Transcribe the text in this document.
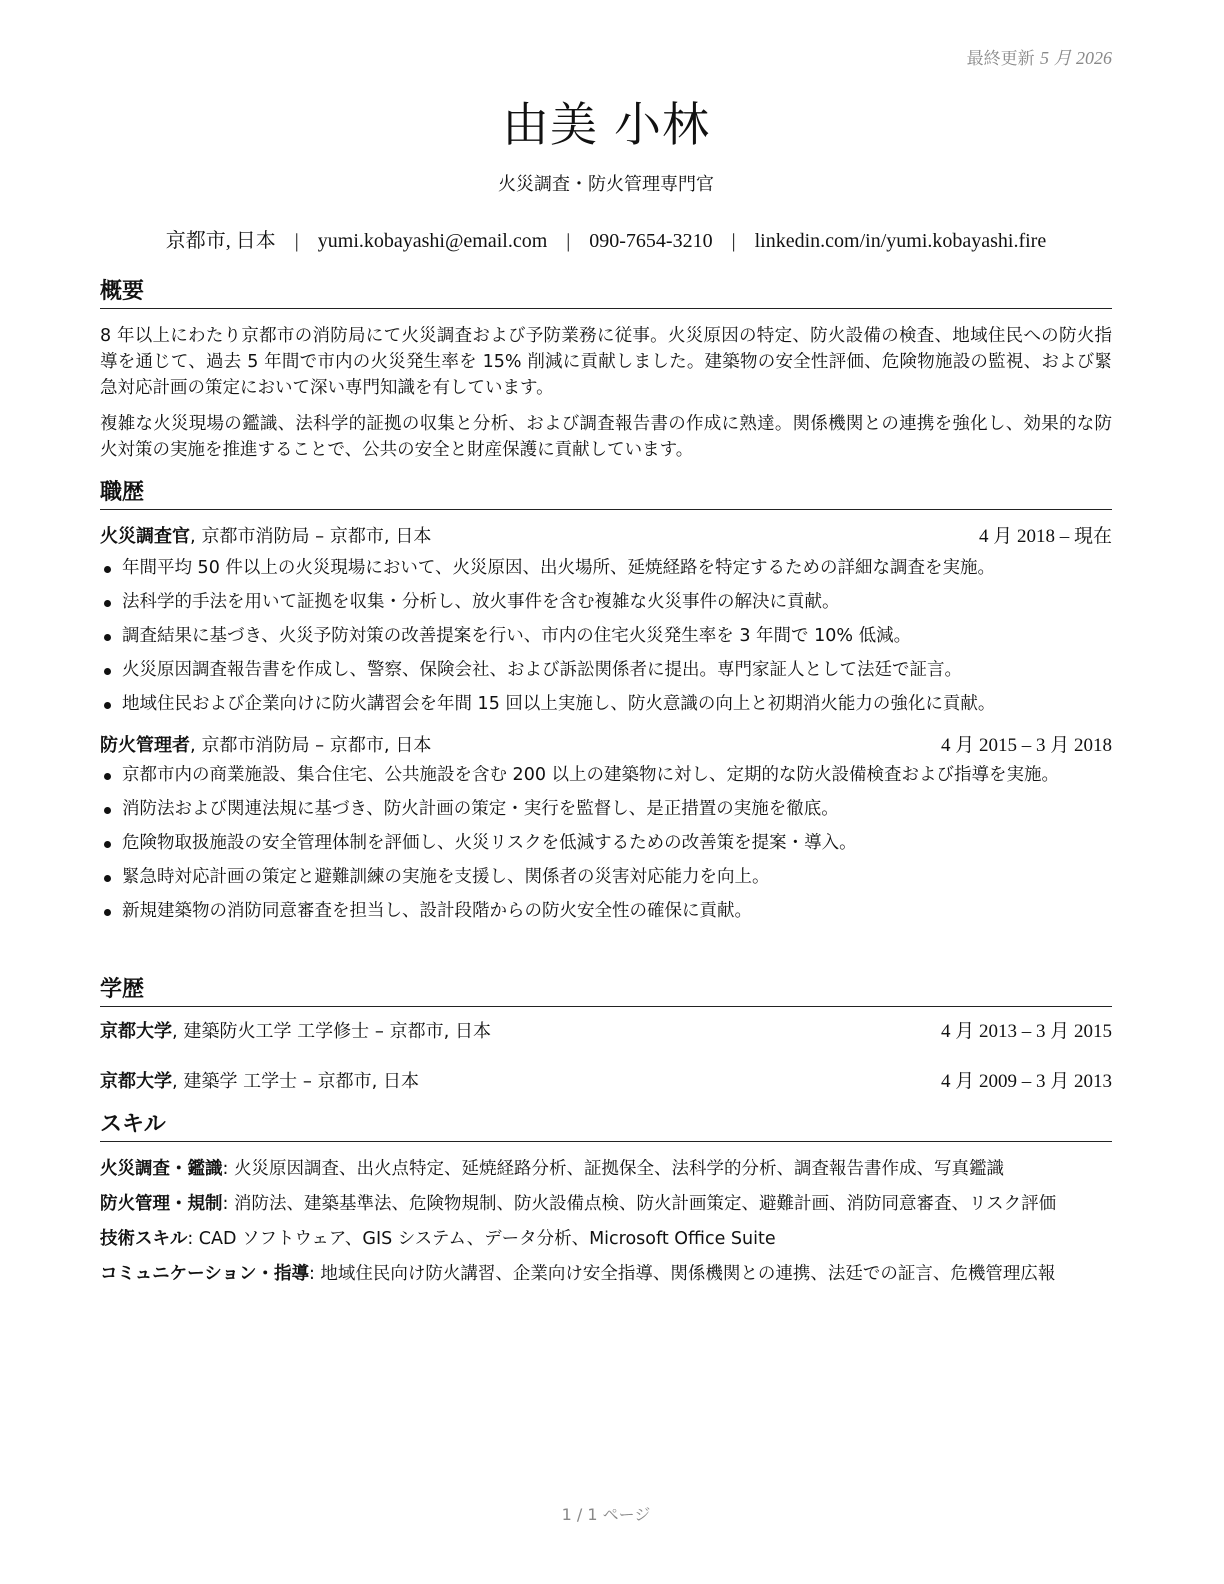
最終更新 5 月 2026
由美 小林
火災調査・防火管理専門官
京都市, 日本 | yumi.kobayashi@email.com | 090-7654-3210 | linkedin.com/in/yumi.kobayashi.fire
概要

8 年以上にわたり京都市の消防局にて火災調査および予防業務に従事。火災原因の特定、防火設備の検査、地域住民への防火指導を通じて、過去 5 年間で市内の火災発生率を 15% 削減に貢献しました。建築物の安全性評価、危険物施設の監視、および緊急対応計画の策定において深い専門知識を有しています。

複雑な火災現場の鑑識、法科学的証拠の収集と分析、および調査報告書の作成に熟達。関係機関との連携を強化し、効果的な防火対策の実施を推進することで、公共の安全と財産保護に貢献しています。

職歴
火災調査官, 京都市消防局 – 京都市, 日本	4 月 2018 – 現在
年間平均 50 件以上の火災現場において、火災原因、出火場所、延焼経路を特定するための詳細な調査を実施。
法科学的手法を用いて証拠を収集・分析し、放火事件を含む複雑な火災事件の解決に貢献。
調査結果に基づき、火災予防対策の改善提案を行い、市内の住宅火災発生率を 3 年間で 10% 低減。
火災原因調査報告書を作成し、警察、保険会社、および訴訟関係者に提出。専門家証人として法廷で証言。
地域住民および企業向けに防火講習会を年間 15 回以上実施し、防火意識の向上と初期消火能力の強化に貢献。
防火管理者, 京都市消防局 – 京都市, 日本	4 月 2015 – 3 月 2018
京都市内の商業施設、集合住宅、公共施設を含む 200 以上の建築物に対し、定期的な防火設備検査および指導を実施。
消防法および関連法規に基づき、防火計画の策定・実行を監督し、是正措置の実施を徹底。
危険物取扱施設の安全管理体制を評価し、火災リスクを低減するための改善策を提案・導入。
緊急時対応計画の策定と避難訓練の実施を支援し、関係者の災害対応能力を向上。
新規建築物の消防同意審査を担当し、設計段階からの防火安全性の確保に貢献。
学歴
京都大学, 建築防火工学 工学修士 – 京都市, 日本	4 月 2013 – 3 月 2015
京都大学, 建築学 工学士 – 京都市, 日本	4 月 2009 – 3 月 2013
スキル
火災調査・鑑識: 火災原因調査、出火点特定、延焼経路分析、証拠保全、法科学的分析、調査報告書作成、写真鑑識
防火管理・規制: 消防法、建築基準法、危険物規制、防火設備点検、防火計画策定、避難計画、消防同意審査、リスク評価
技術スキル: CAD ソフトウェア、GIS システム、データ分析、Microsoft Office Suite
コミュニケーション・指導: 地域住民向け防火講習、企業向け安全指導、関係機関との連携、法廷での証言、危機管理広報
1 / 1 ページ
